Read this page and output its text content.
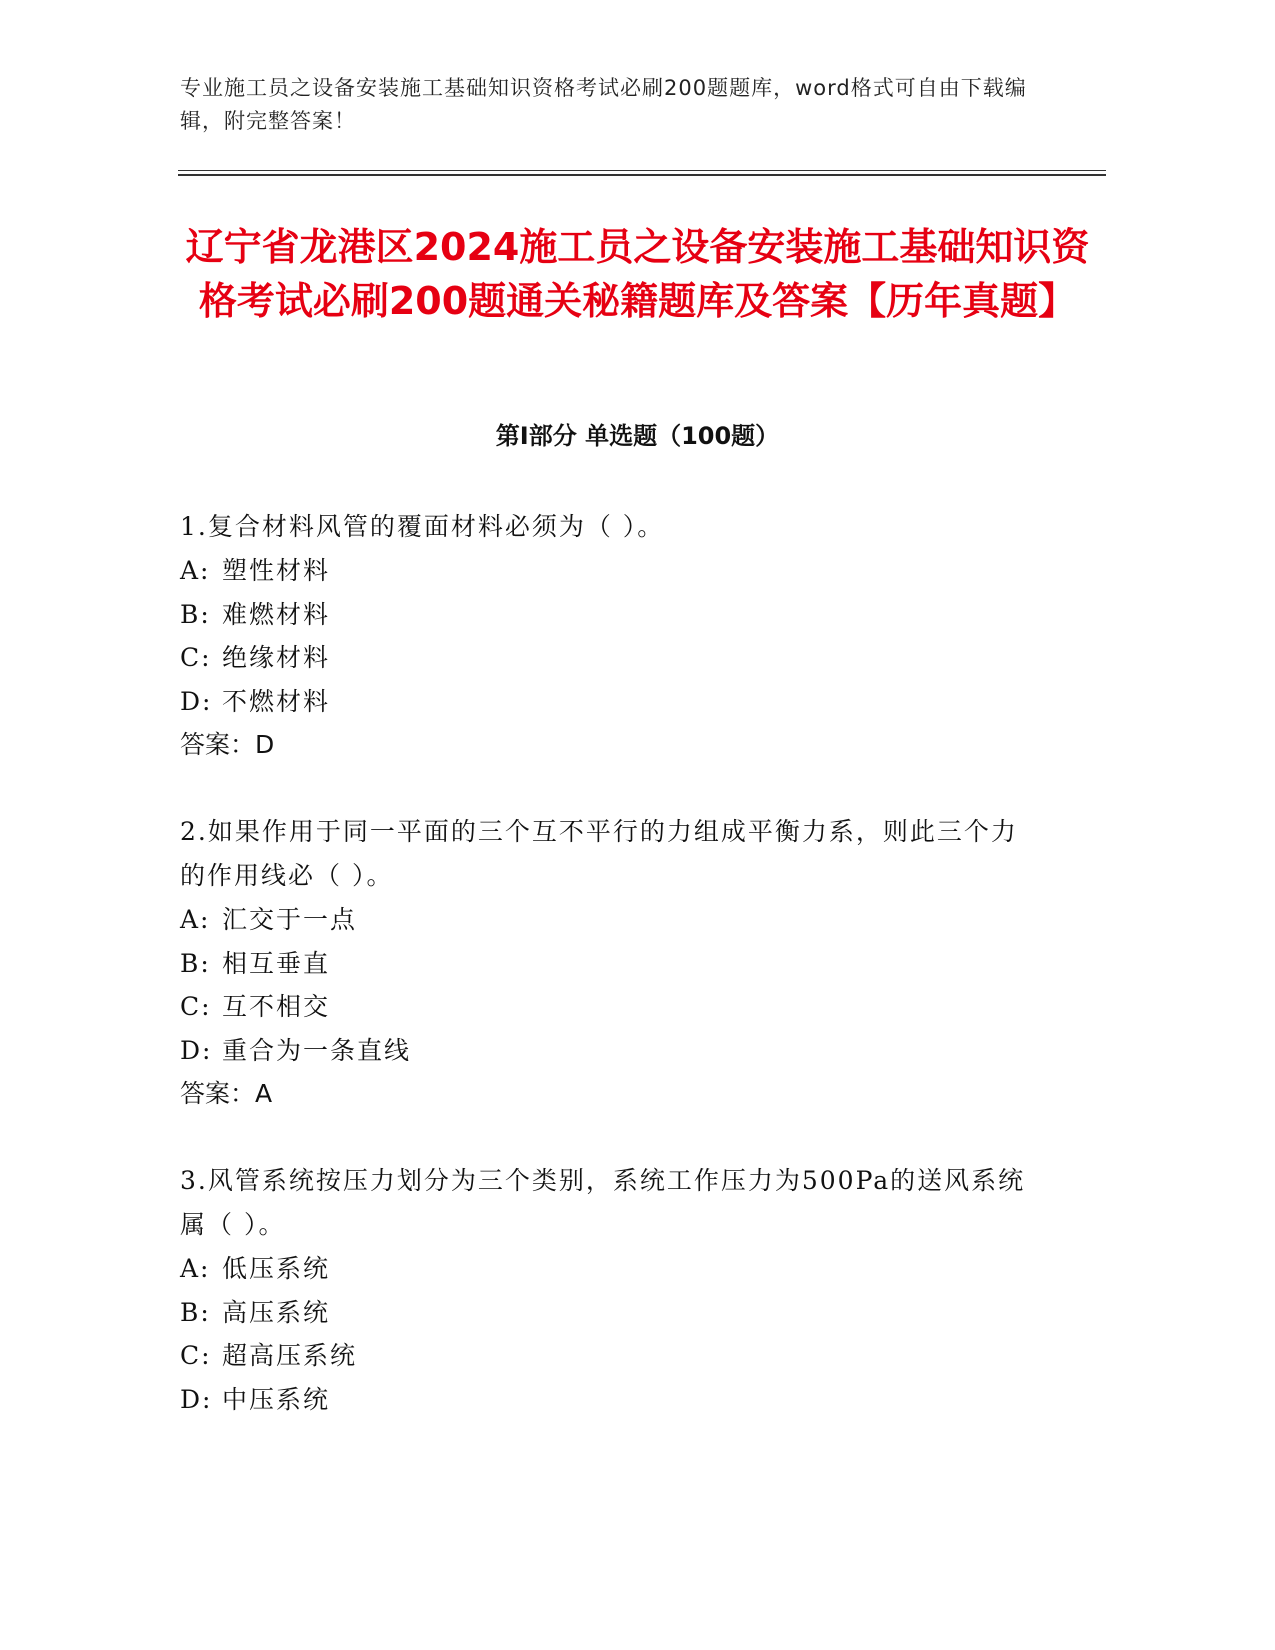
专业施工员之设备安装施工基础知识资格考试必刷200题题库，word格式可自由下载编辑，附完整答案！
辽宁省龙港区2024施工员之设备安装施工基础知识资格考试必刷200题通关秘籍题库及答案【历年真题】
第Ⅰ部分 单选题（100题）
1.复合材料风管的覆面材料必须为（ ）。
A: 塑性材料
B: 难燃材料
C: 绝缘材料
D: 不燃材料
答案：D
2.如果作用于同一平面的三个互不平行的力组成平衡力系，则此三个力的作用线必（ ）。
A: 汇交于一点
B: 相互垂直
C: 互不相交
D: 重合为一条直线
答案：A
3.风管系统按压力划分为三个类别，系统工作压力为500Pa的送风系统属（ ）。
A: 低压系统
B: 高压系统
C: 超高压系统
D: 中压系统
